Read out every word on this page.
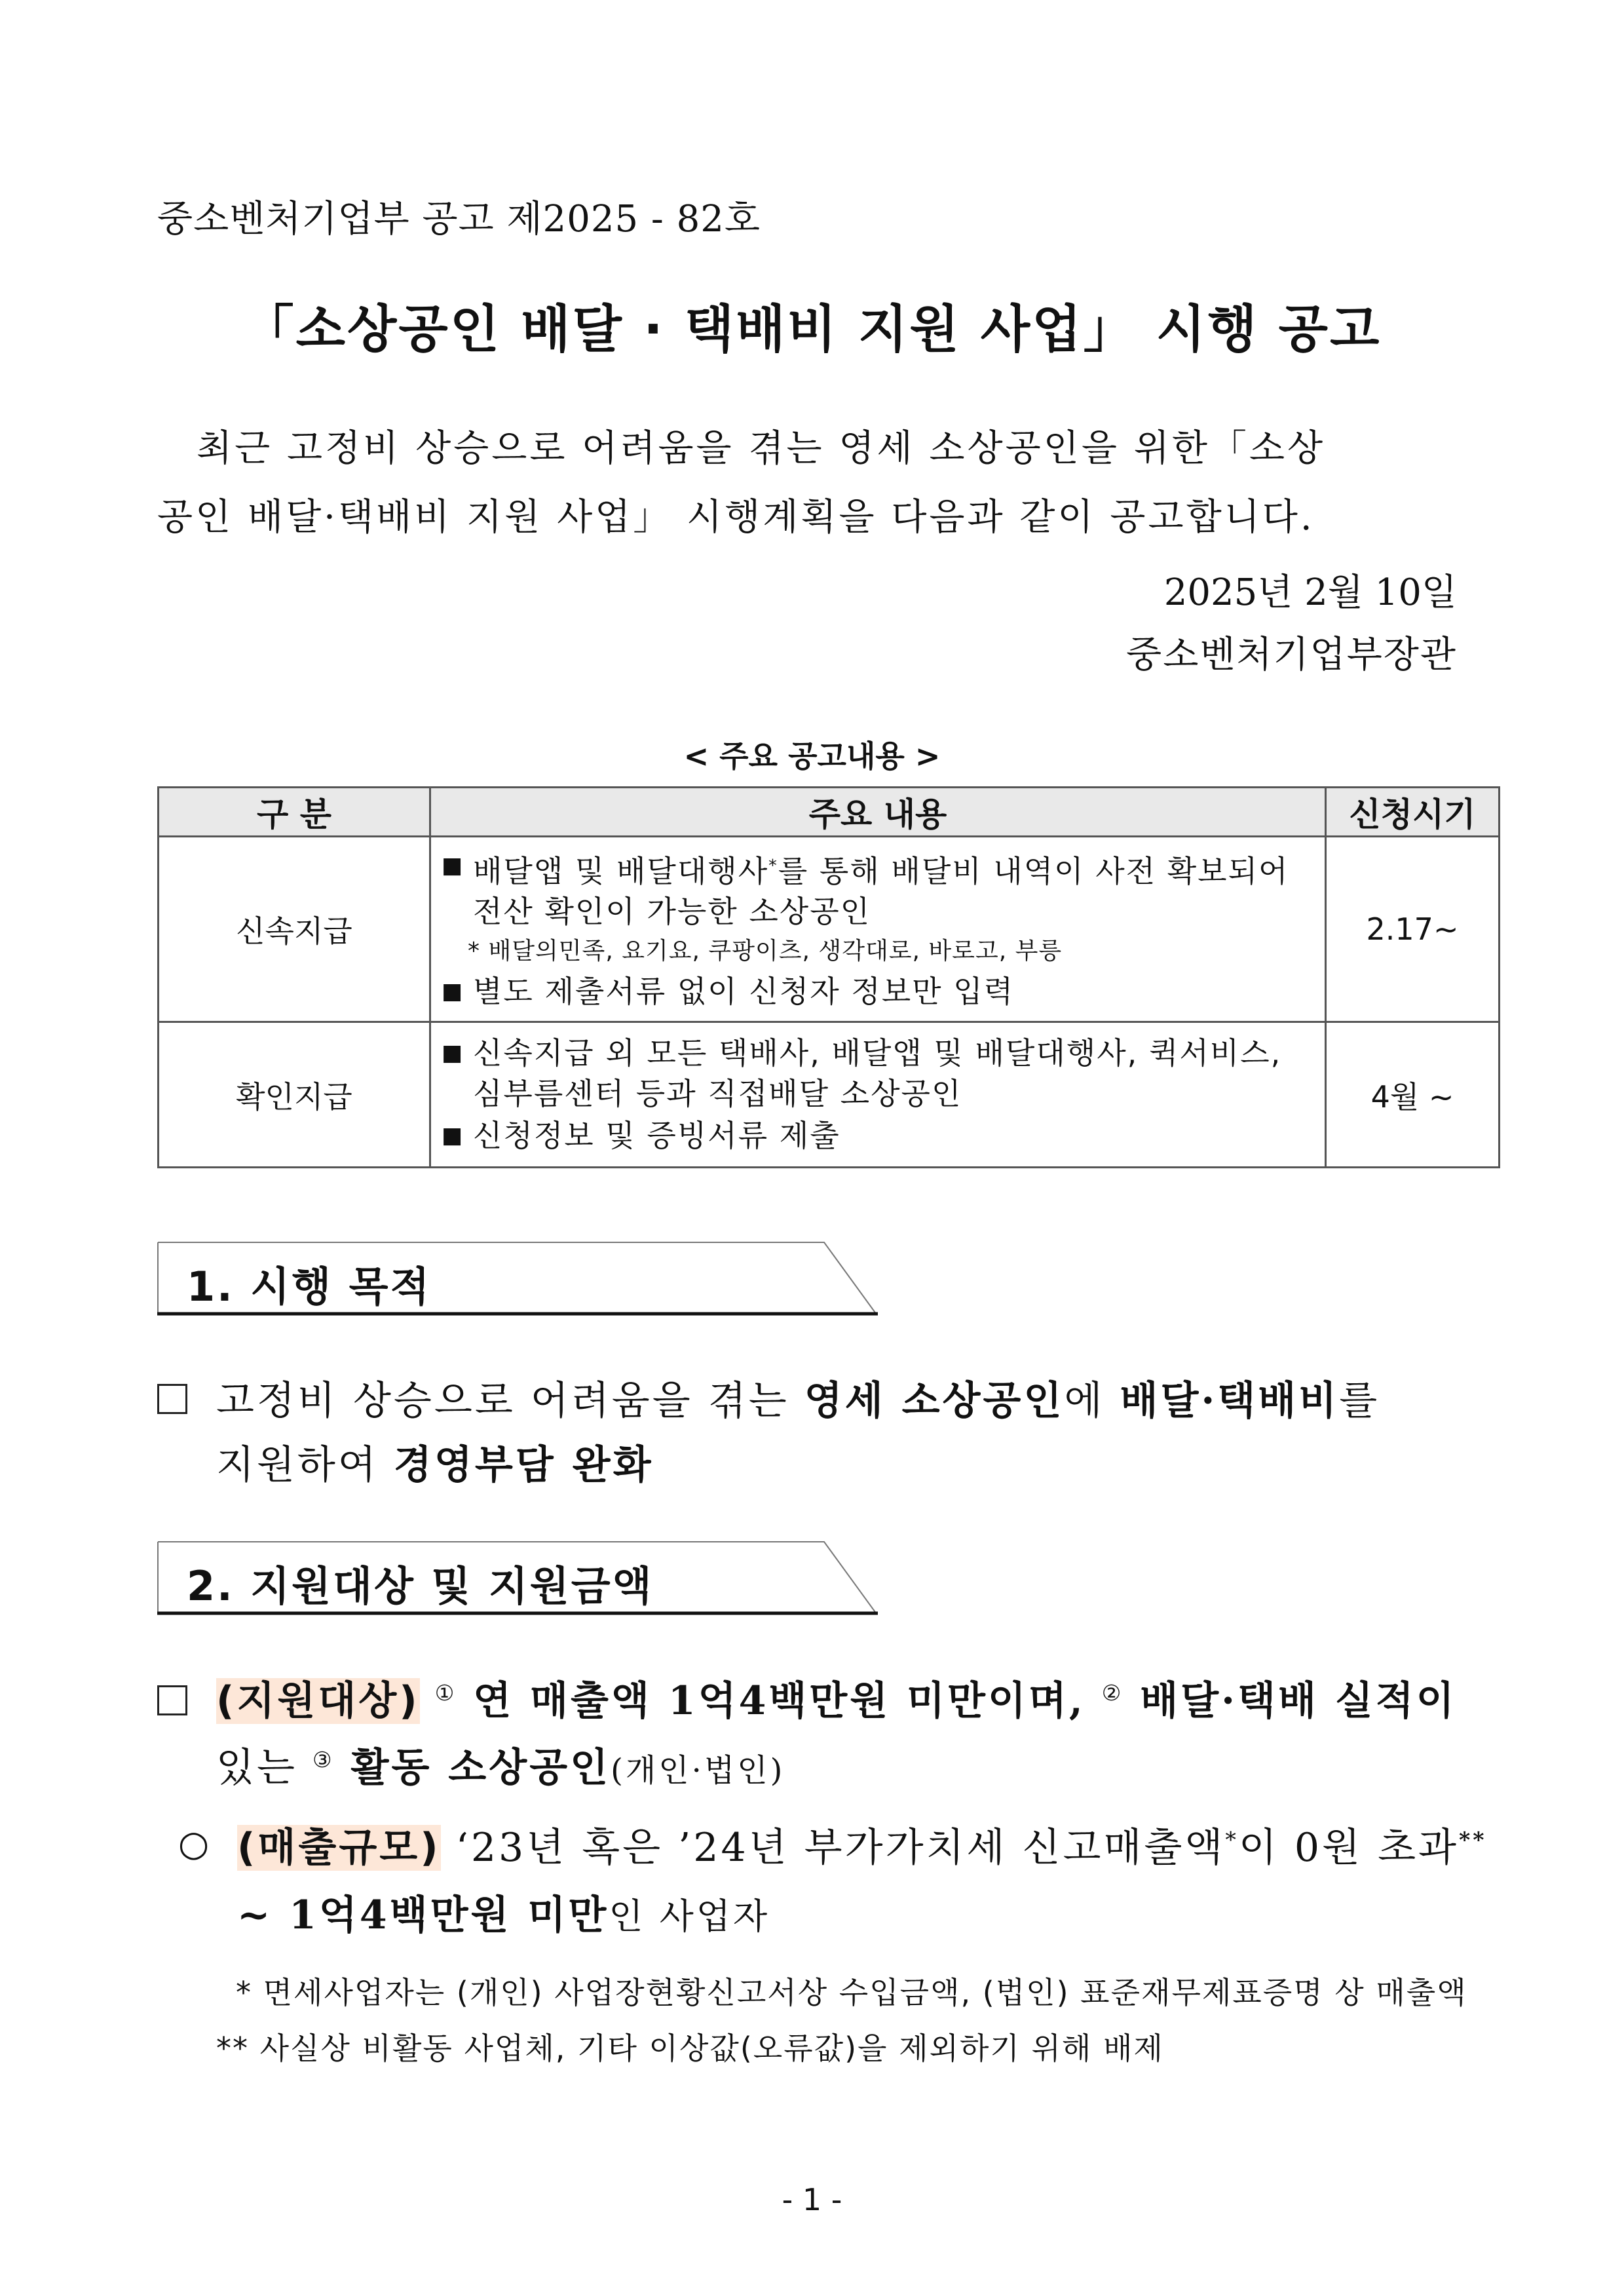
중소벤처기업부 공고 제2025 - 82호
「소상공인 배달 · 택배비 지원 사업」 시행 공고
최근 고정비 상승으로 어려움을 겪는 영세 소상공인을 위한「소상
공인 배달·택배비 지원 사업」 시행계획을 다음과 같이 공고합니다.
2025년 2월 10일
중소벤처기업부장관
< 주요 공고내용 >
구 분	주요 내용	신청시기
신속지급	■ 배달앱 및 배달대행사*를 통해 배달비 내역이 사전 확보되어 전산 확인이 가능한 소상공인
* 배달의민족, 요기요, 쿠팡이츠, 생각대로, 바로고, 부릉
■ 별도 제출서류 없이 신청자 정보만 입력	2.17~
확인지급	■ 신속지급 외 모든 택배사, 배달앱 및 배달대행사, 퀵서비스, 심부름센터 등과 직접배달 소상공인
■ 신청정보 및 증빙서류 제출	4월 ~
1. 시행 목적
고정비 상승으로 어려움을 겪는 영세 소상공인에 배달·택배비를
지원하여 경영부담 완화
2. 지원대상 및 지원금액
(지원대상) ① 연 매출액 1억4백만원 미만이며, ② 배달·택배 실적이
있는 ③ 활동 소상공인(개인·법인)
○ (매출규모) ‘23년 혹은 ’24년 부가가치세 신고매출액*이 0원 초과**
~ 1억4백만원 미만인 사업자
* 면세사업자는 (개인) 사업장현황신고서상 수입금액, (법인) 표준재무제표증명 상 매출액
** 사실상 비활동 사업체, 기타 이상값(오류값)을 제외하기 위해 배제
- 1 -
